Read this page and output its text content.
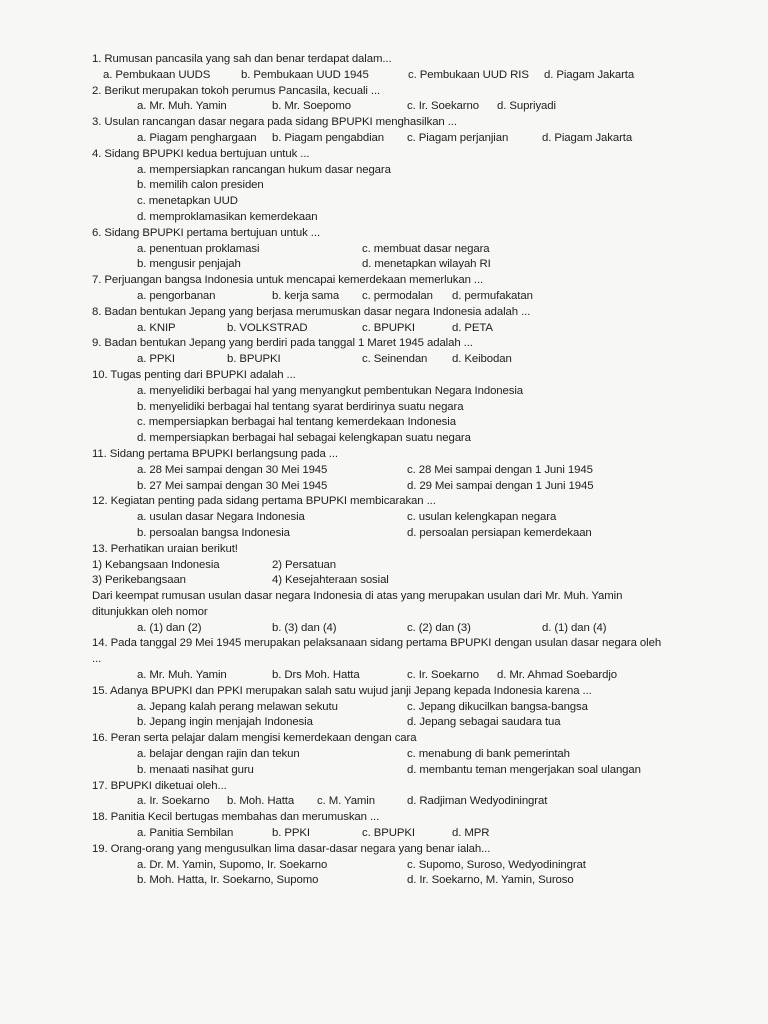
1. Rumusan pancasila yang sah dan benar terdapat dalam...
a. Pembukaan UUDS	b. Pembukaan UUD 1945	c. Pembukaan UUD RIS d. Piagam Jakarta
2. Berikut merupakan tokoh perumus Pancasila, kecuali ...
a. Mr. Muh. Yamin	b. Mr. Soepomo	c. Ir. Soekarno d. Supriyadi
3. Usulan rancangan dasar negara pada sidang BPUPKI menghasilkan ...
a. Piagam penghargaan b. Piagam pengabdian c. Piagam perjanjian	d. Piagam Jakarta
4. Sidang BPUPKI kedua bertujuan untuk ...
a. mempersiapkan rancangan hukum dasar negara
b. memilih calon presiden
c. menetapkan UUD
d. memproklamasikan kemerdekaan
6. Sidang BPUPKI pertama bertujuan untuk ...
a. penentuan proklamasi	c. membuat dasar negara
b. mengusir penjajah	d. menetapkan wilayah RI
7. Perjuangan bangsa Indonesia untuk mencapai kemerdekaan memerlukan ...
a. pengorbanan	b. kerja sama c. permodalan d. permufakatan
8. Badan bentukan Jepang yang berjasa merumuskan dasar negara Indonesia adalah ...
a. KNIP	b. VOLKSTRAD	c. BPUPKI	d. PETA
9. Badan bentukan Jepang yang berdiri pada tanggal 1 Maret 1945 adalah ...
a. PPKI	b. BPUPKI	c. Seinendan d. Keibodan
10. Tugas penting dari BPUPKI adalah ...
a. menyelidiki berbagai hal yang menyangkut pembentukan Negara Indonesia
b. menyelidiki berbagai hal tentang syarat berdirinya suatu negara
c. mempersiapkan berbagai hal tentang kemerdekaan Indonesia
d. mempersiapkan berbagai hal sebagai kelengkapan suatu negara
11. Sidang pertama BPUPKI berlangsung pada ...
a. 28 Mei sampai dengan 30 Mei 1945	c. 28 Mei sampai dengan 1 Juni 1945
b. 27 Mei sampai dengan 30 Mei 1945	d. 29 Mei sampai dengan 1 Juni 1945
12. Kegiatan penting pada sidang pertama BPUPKI membicarakan ...
a. usulan dasar Negara Indonesia	c. usulan kelengkapan negara
b. persoalan bangsa Indonesia	d. persoalan persiapan kemerdekaan
13. Perhatikan uraian berikut!
1) Kebangsaan Indonesia	2) Persatuan
3) Perikebangsaan	4) Kesejahteraan sosial
Dari keempat rumusan usulan dasar negara Indonesia di atas yang merupakan usulan dari Mr. Muh. Yamin ditunjukkan oleh nomor
a. (1) dan (2)	b. (3) dan (4)	c. (2) dan (3)	d. (1) dan (4)
14. Pada tanggal 29 Mei 1945 merupakan pelaksanaan sidang pertama BPUPKI dengan usulan dasar negara oleh ...
a. Mr. Muh. Yamin	b. Drs Moh. Hatta	c. Ir. Soekarno d. Mr. Ahmad Soebardjo
15. Adanya BPUPKI dan PPKI merupakan salah satu wujud janji Jepang kepada Indonesia karena ...
a. Jepang kalah perang melawan sekutu	c. Jepang dikucilkan bangsa-bangsa
b. Jepang ingin menjajah Indonesia	d. Jepang sebagai saudara tua
16. Peran serta pelajar dalam mengisi kemerdekaan dengan cara
a. belajar dengan rajin dan tekun	c. menabung di bank pemerintah
b. menaati nasihat guru	d. membantu teman mengerjakan soal ulangan
17. BPUPKI diketuai oleh...
a. Ir. Soekarno b. Moh. Hatta c. M. Yamin	d. Radjiman Wedyodiningrat
18. Panitia Kecil bertugas membahas dan merumuskan ...
a. Panitia Sembilan	b. PPKI	c. BPUPKI	d. MPR
19. Orang-orang yang mengusulkan lima dasar-dasar negara yang benar ialah...
a. Dr. M. Yamin, Supomo, Ir. Soekarno	c. Supomo, Suroso, Wedyodiningrat
b. Moh. Hatta, Ir. Soekarno, Supomo	d. Ir. Soekarno, M. Yamin, Suroso
